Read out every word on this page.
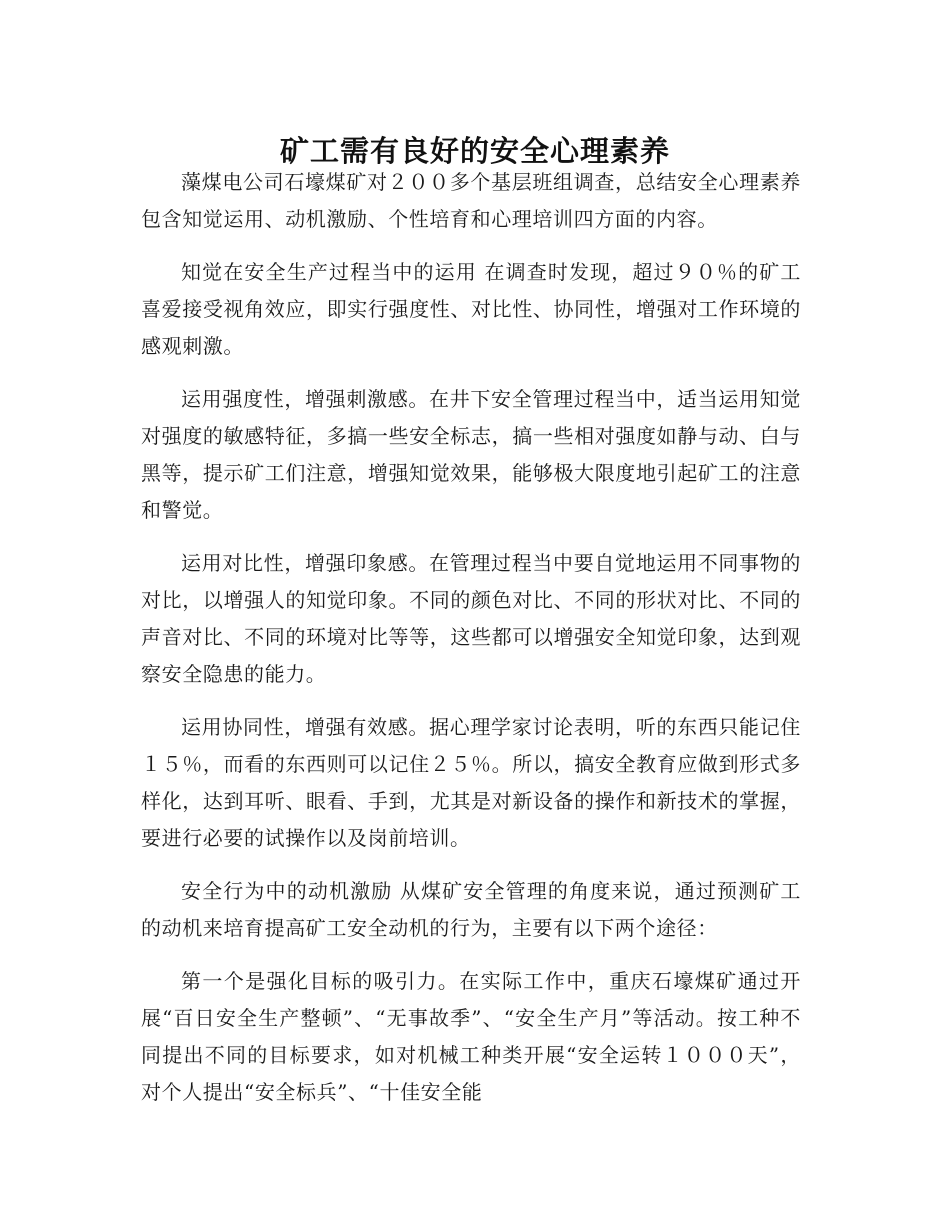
矿工需有良好的安全心理素养

藻煤电公司石壕煤矿对２００多个基层班组调查，总结安全心理素养包含知觉运用、动机激励、个性培育和心理培训四方面的内容。

知觉在安全生产过程当中的运用 在调查时发现，超过９０％的矿工喜爱接受视角效应，即实行强度性、对比性、协同性，增强对工作环境的感观刺激。

运用强度性，增强刺激感。在井下安全管理过程当中，适当运用知觉对强度的敏感特征，多搞一些安全标志，搞一些相对强度如静与动、白与黑等，提示矿工们注意，增强知觉效果，能够极大限度地引起矿工的注意和警觉。

运用对比性，增强印象感。在管理过程当中要自觉地运用不同事物的对比，以增强人的知觉印象。不同的颜色对比、不同的形状对比、不同的声音对比、不同的环境对比等等，这些都可以增强安全知觉印象，达到观察安全隐患的能力。

运用协同性，增强有效感。据心理学家讨论表明，听的东西只能记住１５％，而看的东西则可以记住２５％。所以，搞安全教育应做到形式多样化，达到耳听、眼看、手到，尤其是对新设备的操作和新技术的掌握，要进行必要的试操作以及岗前培训。

安全行为中的动机激励 从煤矿安全管理的角度来说，通过预测矿工的动机来培育提高矿工安全动机的行为，主要有以下两个途径：

第一个是强化目标的吸引力。在实际工作中，重庆石壕煤矿通过开展“百日安全生产整顿”、“无事故季”、“安全生产月”等活动。按工种不同提出不同的目标要求，如对机械工种类开展“安全运转１０００天”，对个人提出“安全标兵”、“十佳安全能
